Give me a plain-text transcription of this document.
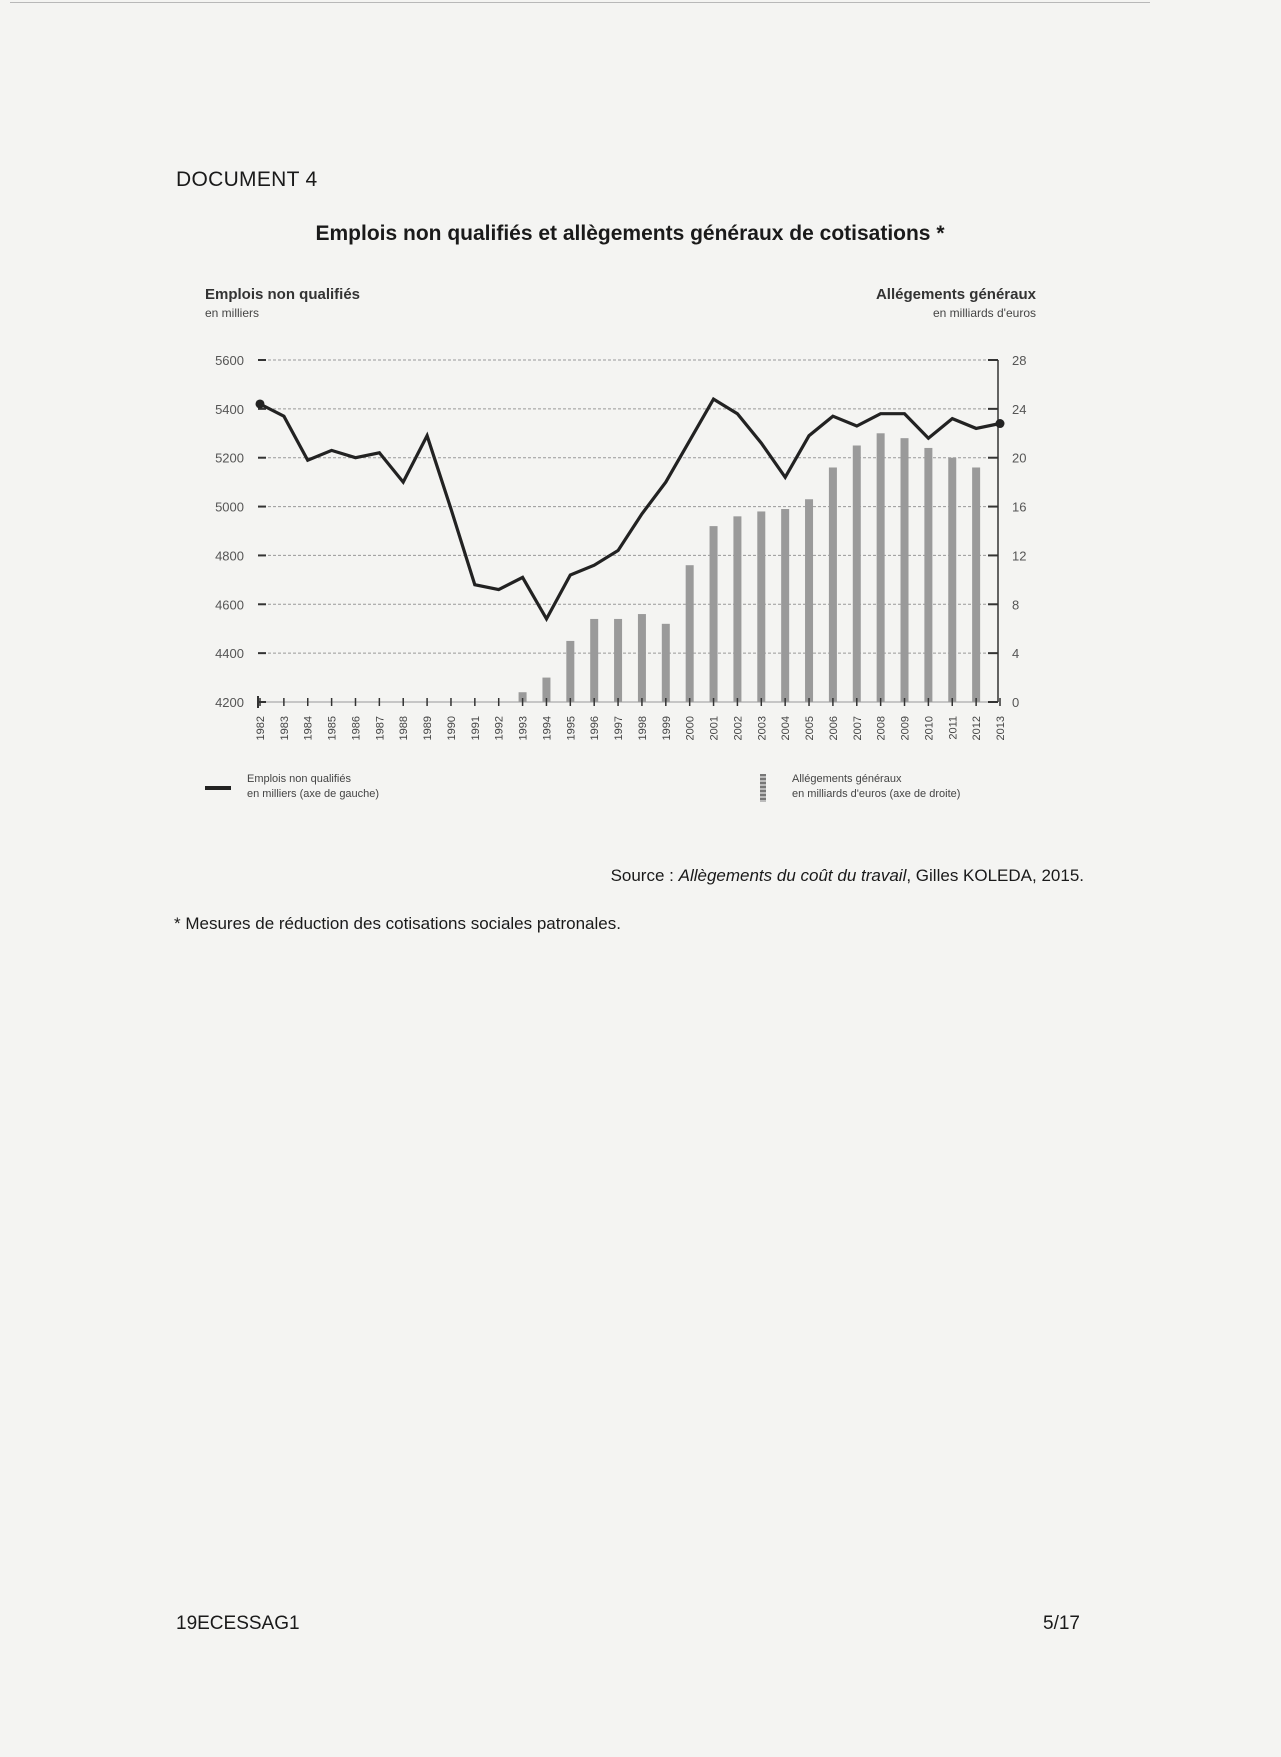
DOCUMENT 4
Emplois non qualifiés et allègements généraux de cotisations *
Emplois non qualifiés
en milliers
Allégements généraux
en milliards d'euros
4200
4400
4600
4800
5000
5200
5400
5600
0
4
8
12
16
20
24
28
1982 1983 1984 1985 1986 1987 1988 1989 1990 1991 1992 1993 1994 1995 1996 1997 1998 1999 2000 2001 2002 2003 2004 2005 2006 2007 2008 2009 2010 2011 2012 2013
Emplois non qualifiés
en milliers (axe de gauche)
Allégements généraux
en milliards d'euros (axe de droite)
Source : Allègements du coût du travail, Gilles KOLEDA, 2015.
* Mesures de réduction des cotisations sociales patronales.
19ECESSAG1	5/17
